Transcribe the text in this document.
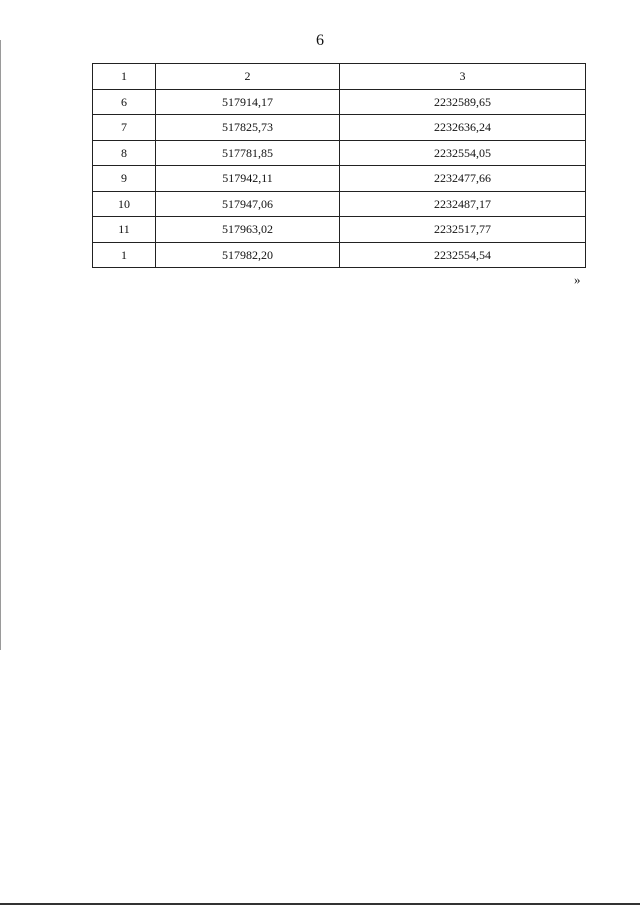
6
1	2	3
6	517914,17	2232589,65
7	517825,73	2232636,24
8	517781,85	2232554,05
9	517942,11	2232477,66
10	517947,06	2232487,17
11	517963,02	2232517,77
1	517982,20	2232554,54
»
